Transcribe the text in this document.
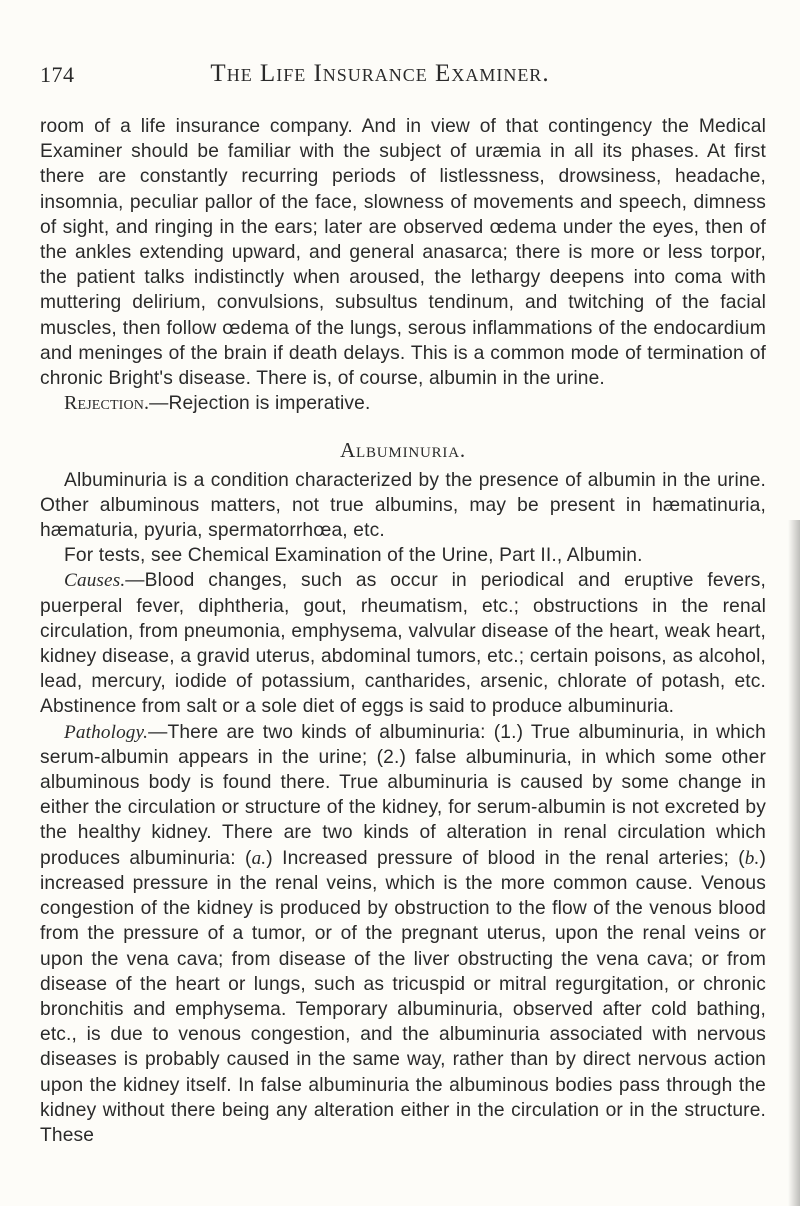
174	The Life Insurance Examiner.

room of a life insurance company. And in view of that contingency the Medical Examiner should be familiar with the subject of uræmia in all its phases. At first there are constantly recurring periods of listlessness, drowsiness, headache, insomnia, peculiar pallor of the face, slowness of movements and speech, dimness of sight, and ringing in the ears; later are observed œdema under the eyes, then of the ankles extending upward, and general anasarca; there is more or less torpor, the patient talks indistinctly when aroused, the lethargy deepens into coma with muttering delirium, convulsions, subsultus tendinum, and twitching of the facial muscles, then follow œdema of the lungs, serous inflammations of the endocardium and meninges of the brain if death delays. This is a common mode of termination of chronic Bright's disease. There is, of course, albumin in the urine.

Rejection.—Rejection is imperative.

Albuminuria.

Albuminuria is a condition characterized by the presence of albumin in the urine. Other albuminous matters, not true albumins, may be present in hæmatinuria, hæmaturia, pyuria, spermatorrhœa, etc.

For tests, see Chemical Examination of the Urine, Part II., Albumin.

Causes.—Blood changes, such as occur in periodical and eruptive fevers, puerperal fever, diphtheria, gout, rheumatism, etc.; obstructions in the renal circulation, from pneumonia, emphysema, valvular disease of the heart, weak heart, kidney disease, a gravid uterus, abdominal tumors, etc.; certain poisons, as alcohol, lead, mercury, iodide of potassium, cantharides, arsenic, chlorate of potash, etc. Abstinence from salt or a sole diet of eggs is said to produce albuminuria.

Pathology.—There are two kinds of albuminuria: (1.) True albuminuria, in which serum-albumin appears in the urine; (2.) false albuminuria, in which some other albuminous body is found there. True albuminuria is caused by some change in either the circulation or structure of the kidney, for serum-albumin is not excreted by the healthy kidney. There are two kinds of alteration in renal circulation which produces albuminuria: (a.) Increased pressure of blood in the renal arteries; (b.) increased pressure in the renal veins, which is the more common cause. Venous congestion of the kidney is produced by obstruction to the flow of the venous blood from the pressure of a tumor, or of the pregnant uterus, upon the renal veins or upon the vena cava; from disease of the liver obstructing the vena cava; or from disease of the heart or lungs, such as tricuspid or mitral regurgitation, or chronic bronchitis and emphysema. Temporary albuminuria, observed after cold bathing, etc., is due to venous congestion, and the albuminuria associated with nervous diseases is probably caused in the same way, rather than by direct nervous action upon the kidney itself. In false albuminuria the albuminous bodies pass through the kidney without there being any alteration either in the circulation or in the structure. These
